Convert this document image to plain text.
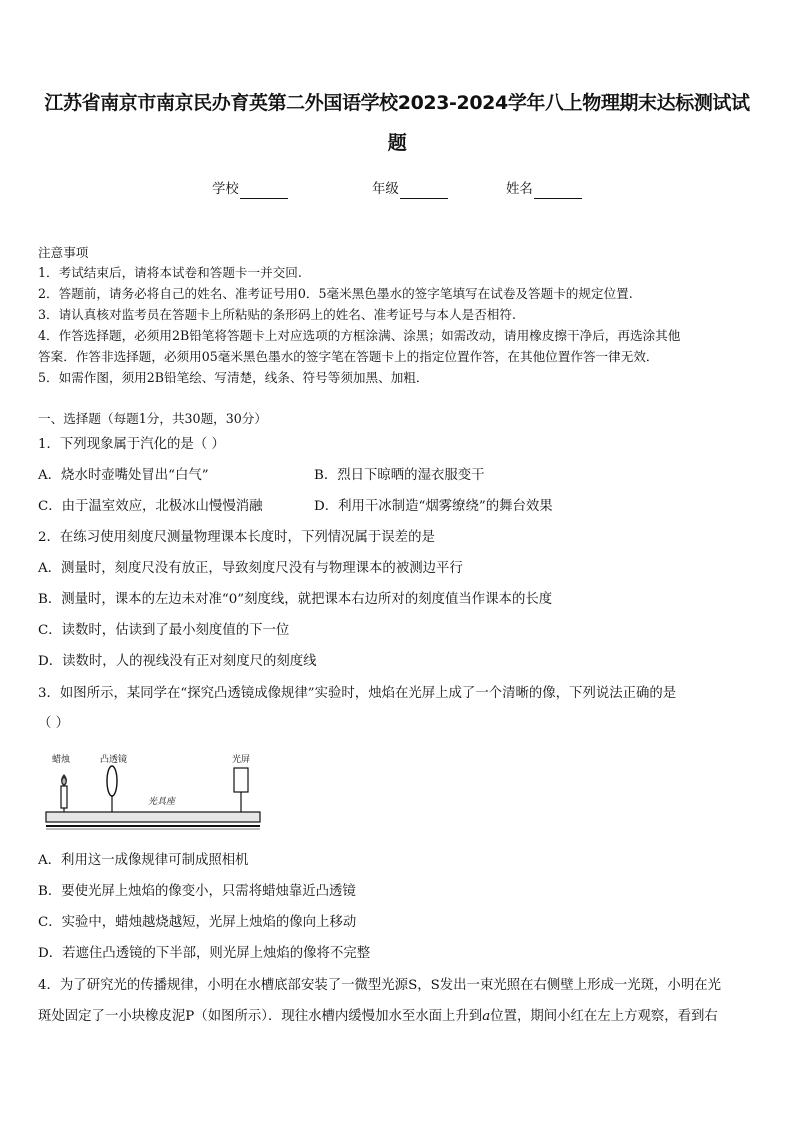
江苏省南京市南京民办育英第二外国语学校2023-2024学年八上物理期末达标测试试
题
学校	年级	姓名
注意事项
1．考试结束后，请将本试卷和答题卡一并交回.
2．答题前，请务必将自己的姓名、准考证号用0．5毫米黑色墨水的签字笔填写在试卷及答题卡的规定位置.
3．请认真核对监考员在答题卡上所粘贴的条形码上的姓名、准考证号与本人是否相符.
4．作答选择题，必须用2B铅笔将答题卡上对应选项的方框涂满、涂黑；如需改动，请用橡皮擦干净后，再选涂其他
答案．作答非选择题，必须用05毫米黑色墨水的签字笔在答题卡上的指定位置作答，在其他位置作答一律无效．
5．如需作图，须用2B铅笔绘、写清楚，线条、符号等须加黑、加粗．
一、选择题（每题1分，共30题，30分）
1．下列现象属于汽化的是（ ）
A．烧水时壶嘴处冒出“白气”	B．烈日下晾晒的湿衣服变干
C．由于温室效应，北极冰山慢慢消融	D．利用干冰制造“烟雾缭绕”的舞台效果
2．在练习使用刻度尺测量物理课本长度时，下列情况属于误差的是
A．测量时，刻度尺没有放正，导致刻度尺没有与物理课本的被测边平行
B．测量时，课本的左边未对准“0”刻度线，就把课本右边所对的刻度值当作课本的长度
C．读数时，估读到了最小刻度值的下一位
D．读数时，人的视线没有正对刻度尺的刻度线
3．如图所示，某同学在“探究凸透镜成像规律”实验时，烛焰在光屏上成了一个清晰的像，下列说法正确的是
（ ）
蜡烛	凸透镜	光屏
光具座
A．利用这一成像规律可制成照相机
B．要使光屏上烛焰的像变小，只需将蜡烛靠近凸透镜
C．实验中，蜡烛越烧越短，光屏上烛焰的像向上移动
D．若遮住凸透镜的下半部，则光屏上烛焰的像将不完整
4．为了研究光的传播规律，小明在水槽底部安装了一微型光源S，S发出一束光照在右侧壁上形成一光斑，小明在光
斑处固定了一小块橡皮泥P（如图所示）．现往水槽内缓慢加水至水面上升到a位置，期间小红在左上方观察，看到右
